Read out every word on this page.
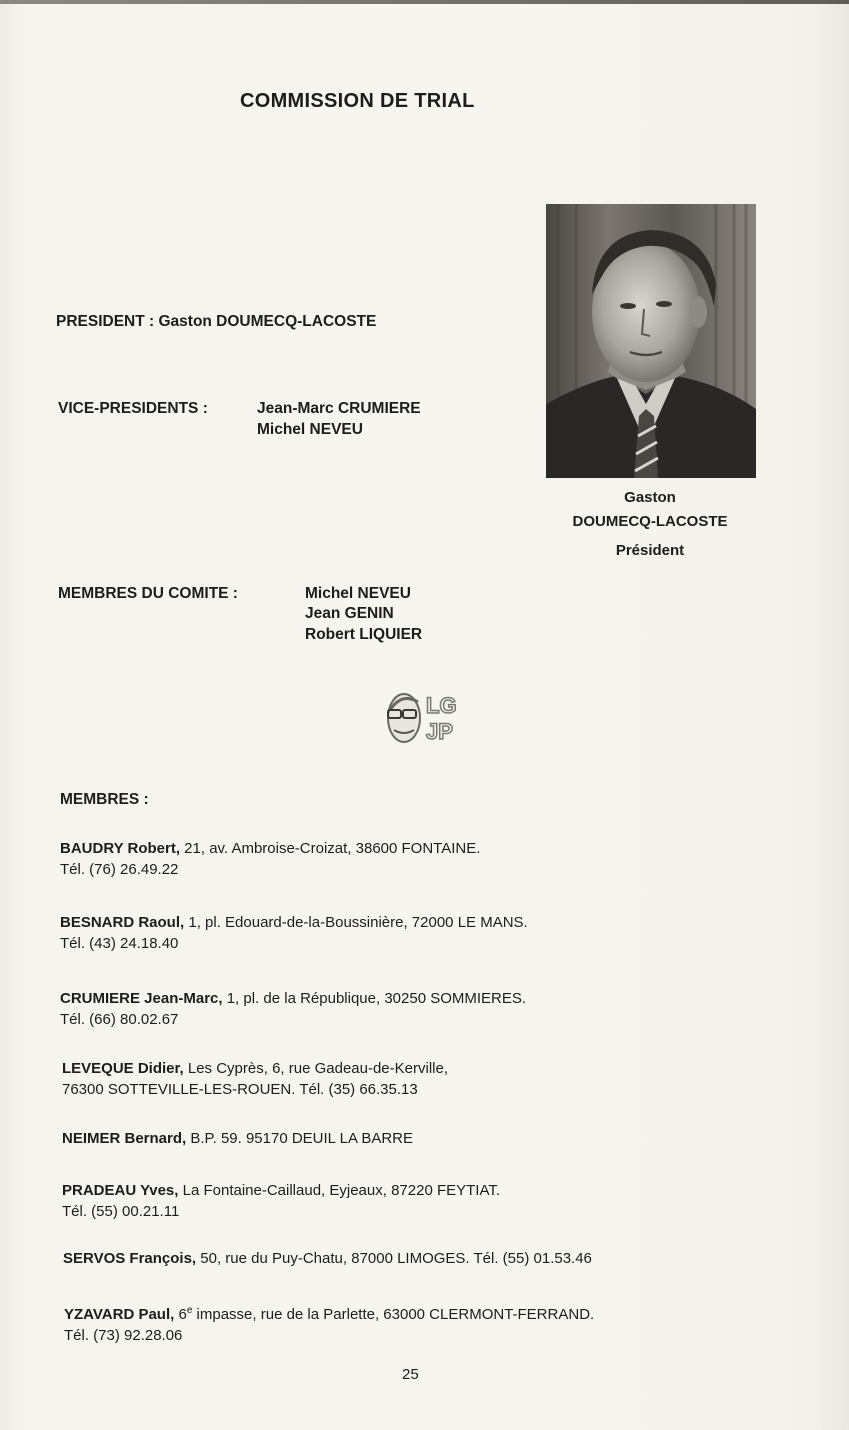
COMMISSION DE TRIAL
PRESIDENT : Gaston DOUMECQ-LACOSTE
VICE-PRESIDENTS :	Jean-Marc CRUMIERE
Michel NEVEU
Gaston
DOUMECQ-LACOSTE
Président
MEMBRES DU COMITE :	Michel NEVEU
Jean GENIN
Robert LIQUIER
LG
JP
MEMBRES :
BAUDRY Robert, 21, av. Ambroise-Croizat, 38600 FONTAINE.
Tél. (76) 26.49.22
BESNARD Raoul, 1, pl. Edouard-de-la-Boussinière, 72000 LE MANS.
Tél. (43) 24.18.40
CRUMIERE Jean-Marc, 1, pl. de la République, 30250 SOMMIERES.
Tél. (66) 80.02.67
LEVEQUE Didier, Les Cyprès, 6, rue Gadeau-de-Kerville,
76300 SOTTEVILLE-LES-ROUEN. Tél. (35) 66.35.13
NEIMER Bernard, B.P. 59. 95170 DEUIL LA BARRE
PRADEAU Yves, La Fontaine-Caillaud, Eyjeaux, 87220 FEYTIAT.
Tél. (55) 00.21.11
SERVOS François, 50, rue du Puy-Chatu, 87000 LIMOGES. Tél. (55) 01.53.46
YZAVARD Paul, 6e impasse, rue de la Parlette, 63000 CLERMONT-FERRAND.
Tél. (73) 92.28.06
25
